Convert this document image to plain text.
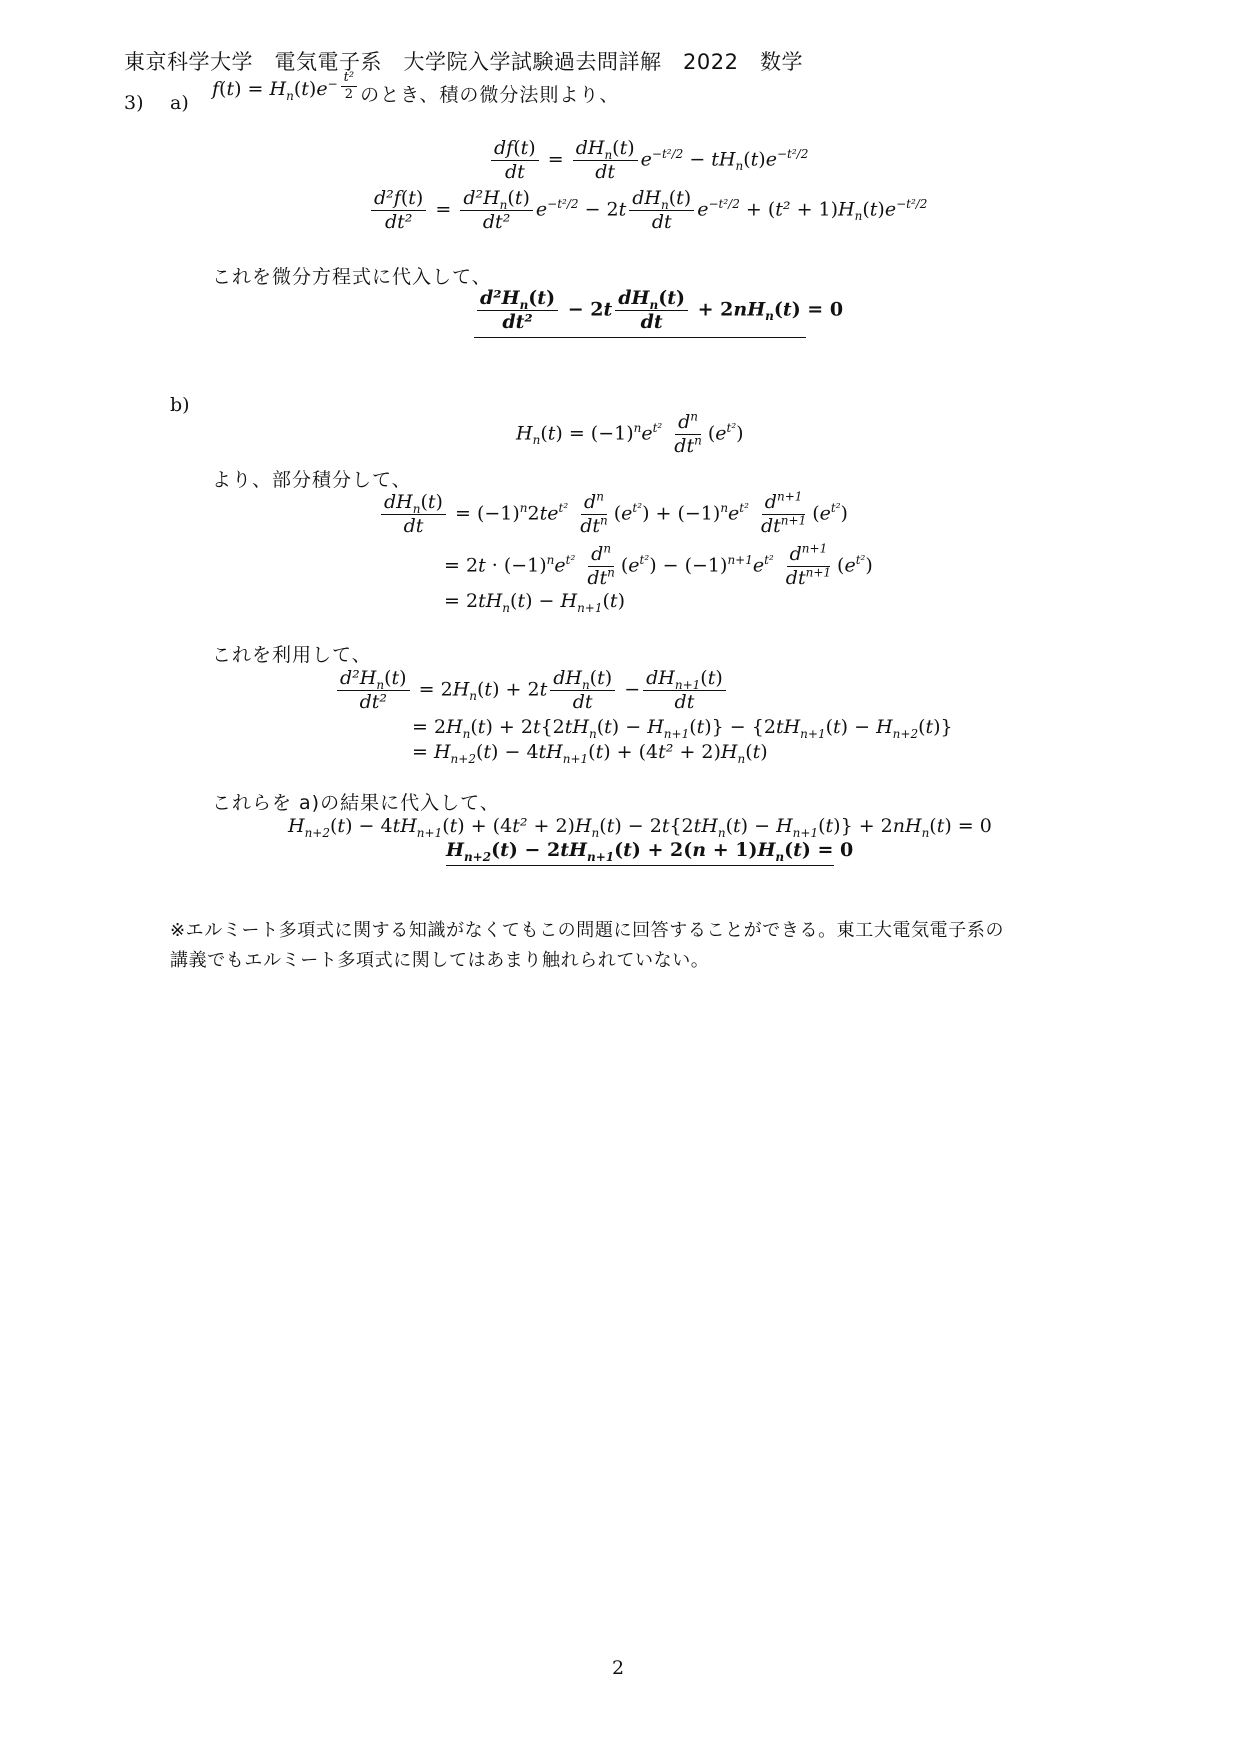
東京科学大学　電気電子系　大学院入学試験過去問詳解　2022　数学
3) a)
$f(t) = H_n(t)e^{- \frac{\text{t²}}{2}}$ のとき、積の微分法則より、
$\frac{df(t)}{dt} = \frac{dH_n(t)}{dt} e^{-t^2/2} - tH_n(t)e^{-t^2/2}$
$\frac{\text{d²f(t)}}{\text{dt²}} = \frac{d^2H_n(t)}{\text{dt²}} e^{-t^2/2} - 2t \frac{dH_n(t)}{dt} e^{-t^2/2} + (t^2 + 1)H_n(t)e^{-t^2/2}$
これを微分方程式に代入して、
$\frac{d^2H_n(t)}{\text{dt²}} - 2t \frac{dH_n(t)}{dt} + 2nH_n(t) = 0$
b)
$H_n(t) = (-1)^ne^{t^2} \frac{d^n}{dt^n} (e^{t^2})$
より、部分積分して、
$\frac{dH_n(t)}{dt} = (-1)^n2te^{t^2} \frac{d^n}{dt^n} (e^{t^2}) + (-1)^ne^{t^2} \frac{d^{n+1}}{dt^{n+1}} (e^{t^2})$
= $2t \cdot (-1)^ne^{t^2} \frac{d^n}{dt^n} (e^{t^2}) - (-1)^{n+1}e^{t^2} \frac{d^{n+1}}{dt^{n+1}} (e^{t^2})$
= $2tH_n(t) - H_{n+1}(t)$
これを利用して、
$\frac{d^2H_n(t)}{\text{dt²}} = 2H_n(t) + 2t \frac{dH_n(t)}{dt} - \frac{dH_{n+1}(t)}{dt}$
= $2H_n(t) + 2t\{2tH_n(t) - H_{n+1}(t)\} - \{2tH_{n+1}(t) - H_{n+2}(t)\}$
= $H_{n+2}(t) - 4tH_{n+1}(t) + (4t^2 + 2)H_n(t)$
これらを a)の結果に代入して、
$H_{n+2}(t) - 4tH_{n+1}(t) + (4t^2 + 2)H_n(t) - 2t\{2tH_n(t) - H_{n+1}(t)\} + 2nH_n(t) = 0$
$H_{n+2}(t) - 2tH_{n+1}(t) + 2(n + 1)H_n(t) = 0$
※エルミート多項式に関する知識がなくてもこの問題に回答することができる。東工大電気電子系の
講義でもエルミート多項式に関してはあまり触れられていない。
2
